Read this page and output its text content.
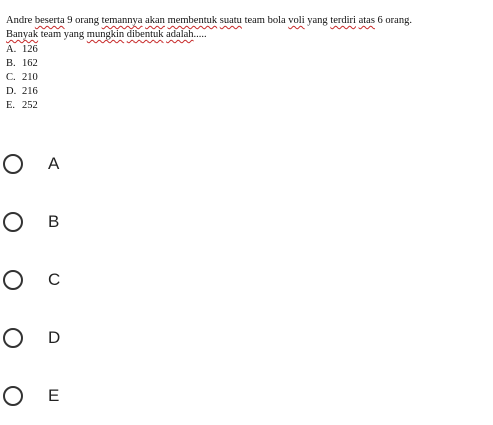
Andre beserta 9 orang temannya akan membentuk suatu team bola voli yang terdiri atas 6 orang.
Banyak team yang mungkin dibentuk adalah.....
A. 126
B. 162
C. 210
D. 216
E. 252
A
B
C
D
E
